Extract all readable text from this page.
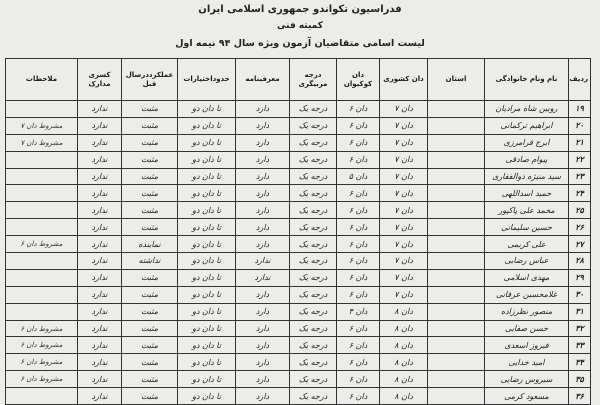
فدراسیون تکواندو جمهوری اسلامی ایران
کمیته فنی
لیست اسامی متقاضیان آزمون ویژه سال ۹۴ نیمه اول
ردیف	نام ونام خانوادگی	استان	دان کشوری	دان کوکیوان	درجه مربیگری	معرفینامه	حدوداختیارات	عملکرددرسال قبل	کسری مدارک	ملاحظات
۱۹	رویین شاه مرادیان		دان ۷	دان ۶	درجه یک	دارد	تا دان دو	مثبت	ندارد	
۲۰	ابراهیم ترکمانی		دان ۷	دان ۶	درجه یک	دارد	تا دان دو	مثبت	ندارد	مشروط دان ۷
۲۱	ایرج فرامرزی		دان ۷	دان ۶	درجه یک	دارد	تا دان دو	مثبت	ندارد	مشروط دان ۷
۲۲	پیوام صادقی		دان ۷	دان ۶	درجه یک	دارد	تا دان دو	مثبت	ندارد	
۲۳	سید منیژه ذوالفقاری		دان ۷	دان ۵	درجه یک	دارد	تا دان دو	مثبت	ندارد	
۲۴	حمید اسداللهی		دان ۷	دان ۶	درجه یک	دارد	تا دان دو	مثبت	ندارد	
۲۵	محمد علی پاکپور		دان ۷	دان ۶	درجه یک	دارد	تا دان دو	مثبت	ندارد	
۲۶	حسین سلیمانی		دان ۷	دان ۶	درجه یک	دارد	تا دان دو	مثبت	ندارد	
۲۷	علی کریمی		دان ۷	دان ۶	درجه یک	دارد	تا دان دو	نماینده	ندارد	مشروط دان ۶
۲۸	عباس رضایی		دان ۷	دان ۶	درجه یک	ندارد	تا دان دو	نداشته	ندارد	
۲۹	مهدی اسلامی		دان ۷	دان ۶	درجه یک	ندارد	تا دان دو	مثبت	ندارد	
۳۰	غلامحسین عرفانی		دان ۷	دان ۶	درجه یک	دارد	تا دان دو	مثبت	ندارد	
۳۱	منصور نظرزاده		دان ۸	دان ۴	درجه یک	دارد	تا دان دو	مثبت	ندارد	
۳۲	حسن صفایی		دان ۸	دان ۶	درجه یک	دارد	تا دان دو	مثبت	ندارد	مشروط دان ۶
۳۳	فیروز اسعدی		دان ۸	دان ۶	درجه یک	دارد	تا دان دو	مثبت	ندارد	مشروط دان ۶
۳۴	امید خدایی		دان ۸	دان ۶	درجه یک	دارد	تا دان دو	مثبت	ندارد	مشروط دان ۶
۳۵	سیروس رضایی		دان ۸	دان ۶	درجه یک	دارد	تا دان دو	مثبت	ندارد	مشروط دان ۶
۳۶	مسعود کرمی		دان ۸	دان ۶	درجه یک	دارد	تا دان دو	مثبت	ندارد	
